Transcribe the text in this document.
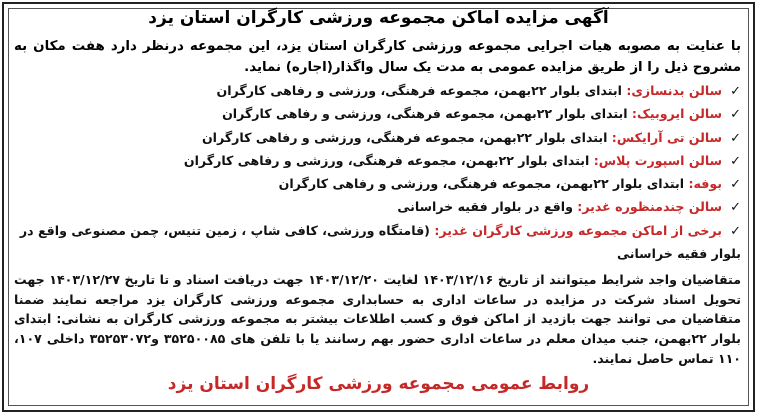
آگهی مزایده اماکن مجموعه ورزشی کارگران استان یزد
با عنایت به مصوبه هیات اجرایی مجموعه ورزشی کارگران استان یزد، این مجموعه درنظر دارد هفت مکان به مشروح ذیل را از طریق مزایده عمومی به مدت یک سال واگذار(اجاره) نماید.
✓سالن بدنسازی: ابتدای بلوار ۲۲بهمن، مجموعه فرهنگی، ورزشی و رفاهی کارگران
✓سالن ایروبیک: ابتدای بلوار ۲۲بهمن، مجموعه فرهنگی، ورزشی و رفاهی کارگران
✓سالن تی آرایکس: ابتدای بلوار ۲۲بهمن، مجموعه فرهنگی، ورزشی و رفاهی کارگران
✓سالن اسپورت پلاس: ابتدای بلوار ۲۲بهمن، مجموعه فرهنگی، ورزشی و رفاهی کارگران
✓بوفه: ابتدای بلوار ۲۲بهمن، مجموعه فرهنگی، ورزشی و رفاهی کارگران
✓سالن چندمنظوره غدیر: واقع در بلوار فقیه خراسانی
✓برخی از اماکن مجموعه ورزشی کارگران غدیر: (قامتگاه ورزشی، کافی شاپ ، زمین تنیس، چمن مصنوعی واقع در بلوار فقیه خراسانی
متقاضیان واجد شرایط میتوانند از تاریخ ۱۴۰۳/۱۲/۱۶ لغایت ۱۴۰۳/۱۲/۲۰ جهت دریافت اسناد و تا تاریخ ۱۴۰۳/۱۲/۲۷ جهت تحویل اسناد شرکت در مزایده در ساعات اداری به حسابداری مجموعه ورزشی کارگران یزد مراجعه نمایند ضمنا متقاضیان می توانند جهت بازدید از اماکن فوق و کسب اطلاعات بیشتر به مجموعه ورزشی کارگران به نشانی: ابتدای بلوار ۲۲بهمن، جنب میدان معلم در ساعات اداری حضور بهم رسانند یا با تلفن های ۳۵۲۵۰۰۸۵ و۳۵۲۵۳۰۷۲ داخلی ۱۰۷، ۱۱۰ تماس حاصل نمایند.
روابط عمومی مجموعه ورزشی کارگران استان یزد
